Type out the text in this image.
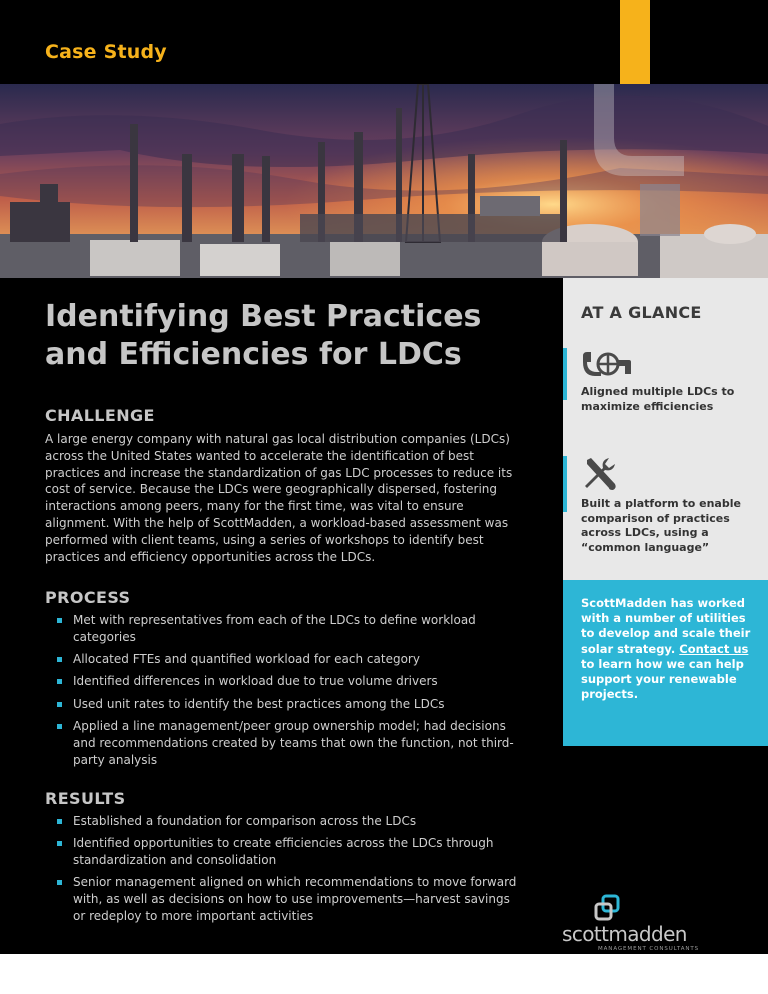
Case Study
Identifying Best Practices and Efficiencies for LDCs
CHALLENGE

A large energy company with natural gas local distribution companies (LDCs) across the United States wanted to accelerate the identification of best practices and increase the standardization of gas LDC processes to reduce its cost of service. Because the LDCs were geographically dispersed, fostering interactions among peers, many for the first time, was vital to ensure alignment. With the help of ScottMadden, a workload-based assessment was performed with client teams, using a series of workshops to identify best practices and efficiency opportunities across the LDCs.

PROCESS
Met with representatives from each of the LDCs to define workload categories
Allocated FTEs and quantified workload for each category
Identified differences in workload due to true volume drivers
Used unit rates to identify the best practices among the LDCs
Applied a line management/peer group ownership model; had decisions and recommendations created by teams that own the function, not third-party analysis
RESULTS
Established a foundation for comparison across the LDCs
Identified opportunities to create efficiencies across the LDCs through standardization and consolidation
Senior management aligned on which recommendations to move forward with, as well as decisions on how to use improvements—harvest savings or redeploy to more important activities
AT A GLANCE
Aligned multiple LDCs to maximize efficiencies
Built a platform to enable comparison of practices across LDCs, using a “common language”
ScottMadden has worked with a number of utilities to develop and scale their solar strategy. Contact us to learn how we can help support your renewable projects.
scottmadden
MANAGEMENT CONSULTANTS
